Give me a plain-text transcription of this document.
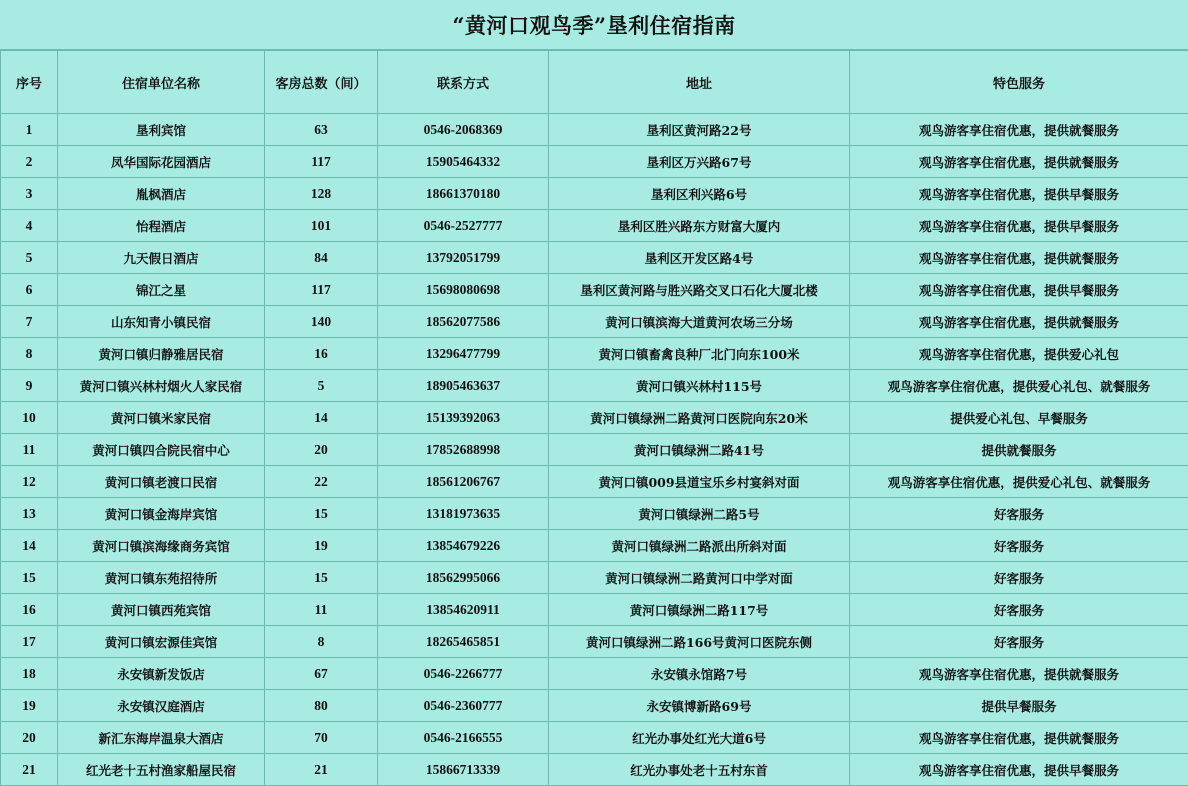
“黄河口观鸟季”垦利住宿指南
序号	住宿单位名称	客房总数（间）	联系方式	地址	特色服务
1	垦利宾馆	63	0546-2068369	垦利区黄河路22号	观鸟游客享住宿优惠，提供就餐服务
2	凤华国际花园酒店	117	15905464332	垦利区万兴路67号	观鸟游客享住宿优惠，提供就餐服务
3	胤枫酒店	128	18661370180	垦利区利兴路6号	观鸟游客享住宿优惠，提供早餐服务
4	怡程酒店	101	0546-2527777	垦利区胜兴路东方财富大厦内	观鸟游客享住宿优惠，提供早餐服务
5	九天假日酒店	84	13792051799	垦利区开发区路4号	观鸟游客享住宿优惠，提供就餐服务
6	锦江之星	117	15698080698	垦利区黄河路与胜兴路交叉口石化大厦北楼	观鸟游客享住宿优惠，提供早餐服务
7	山东知青小镇民宿	140	18562077586	黄河口镇滨海大道黄河农场三分场	观鸟游客享住宿优惠，提供就餐服务
8	黄河口镇归静雅居民宿	16	13296477799	黄河口镇畜禽良种厂北门向东100米	观鸟游客享住宿优惠，提供爱心礼包
9	黄河口镇兴林村烟火人家民宿	5	18905463637	黄河口镇兴林村115号	观鸟游客享住宿优惠，提供爱心礼包、就餐服务
10	黄河口镇米家民宿	14	15139392063	黄河口镇绿洲二路黄河口医院向东20米	提供爱心礼包、早餐服务
11	黄河口镇四合院民宿中心	20	17852688998	黄河口镇绿洲二路41号	提供就餐服务
12	黄河口镇老渡口民宿	22	18561206767	黄河口镇009县道宝乐乡村宴斜对面	观鸟游客享住宿优惠，提供爱心礼包、就餐服务
13	黄河口镇金海岸宾馆	15	13181973635	黄河口镇绿洲二路5号	好客服务
14	黄河口镇滨海缘商务宾馆	19	13854679226	黄河口镇绿洲二路派出所斜对面	好客服务
15	黄河口镇东苑招待所	15	18562995066	黄河口镇绿洲二路黄河口中学对面	好客服务
16	黄河口镇西苑宾馆	11	13854620911	黄河口镇绿洲二路117号	好客服务
17	黄河口镇宏源佳宾馆	8	18265465851	黄河口镇绿洲二路166号黄河口医院东侧	好客服务
18	永安镇新发饭店	67	0546-2266777	永安镇永馆路7号	观鸟游客享住宿优惠，提供就餐服务
19	永安镇汉庭酒店	80	0546-2360777	永安镇博新路69号	提供早餐服务
20	新汇东海岸温泉大酒店	70	0546-2166555	红光办事处红光大道6号	观鸟游客享住宿优惠，提供就餐服务
21	红光老十五村渔家船屋民宿	21	15866713339	红光办事处老十五村东首	观鸟游客享住宿优惠，提供早餐服务
